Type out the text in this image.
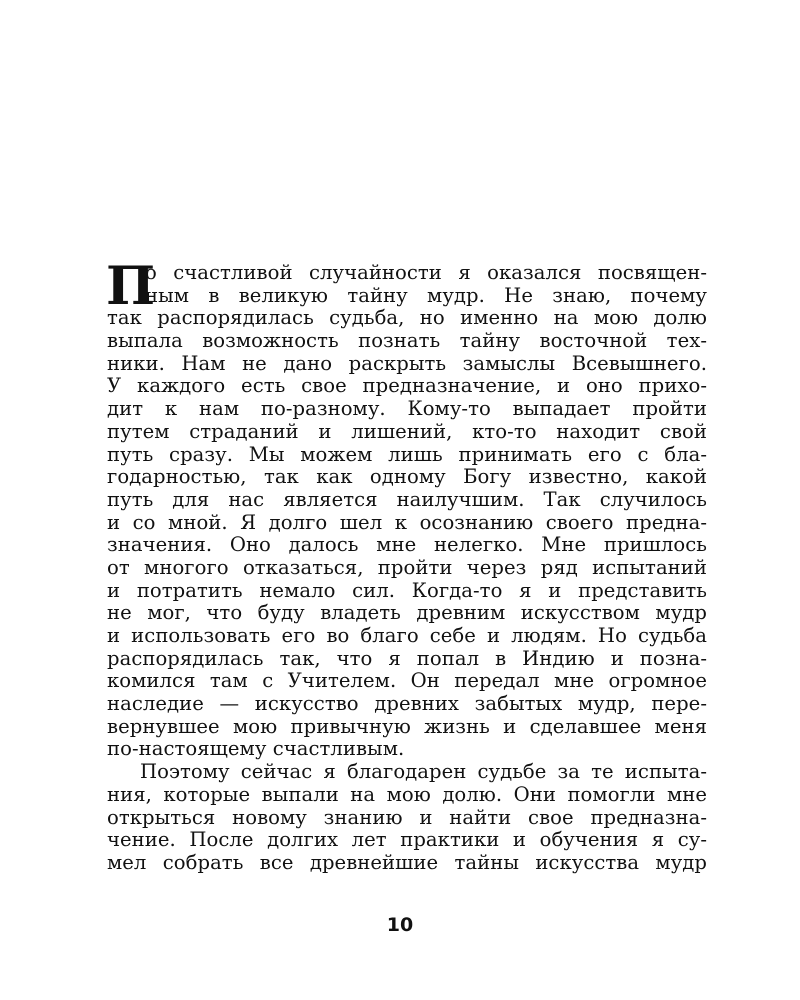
П
о счастливой случайности я оказался посвящен-
ным в великую тайну мудр. Не знаю, почему
так распорядилась судьба, но именно на мою долю
выпала возможность познать тайну восточной тех-
ники. Нам не дано раскрыть замыслы Всевышнего.
У каждого есть свое предназначение, и оно прихо-
дит к нам по-разному. Кому-то выпадает пройти
путем страданий и лишений, кто-то находит свой
путь сразу. Мы можем лишь принимать его с бла-
годарностью, так как одному Богу известно, какой
путь для нас является наилучшим. Так случилось
и со мной. Я долго шел к осознанию своего предна-
значения. Оно далось мне нелегко. Мне пришлось
от многого отказаться, пройти через ряд испытаний
и потратить немало сил. Когда-то я и представить
не мог, что буду владеть древним искусством мудр
и использовать его во благо себе и людям. Но судьба
распорядилась так, что я попал в Индию и позна-
комился там с Учителем. Он передал мне огромное
наследие — искусство древних забытых мудр, пере-
вернувшее мою привычную жизнь и сделавшее меня
по-настоящему счастливым.
Поэтому сейчас я благодарен судьбе за те испыта-
ния, которые выпали на мою долю. Они помогли мне
открыться новому знанию и найти свое предназна-
чение. После долгих лет практики и обучения я су-
мел собрать все древнейшие тайны искусства мудр
10
